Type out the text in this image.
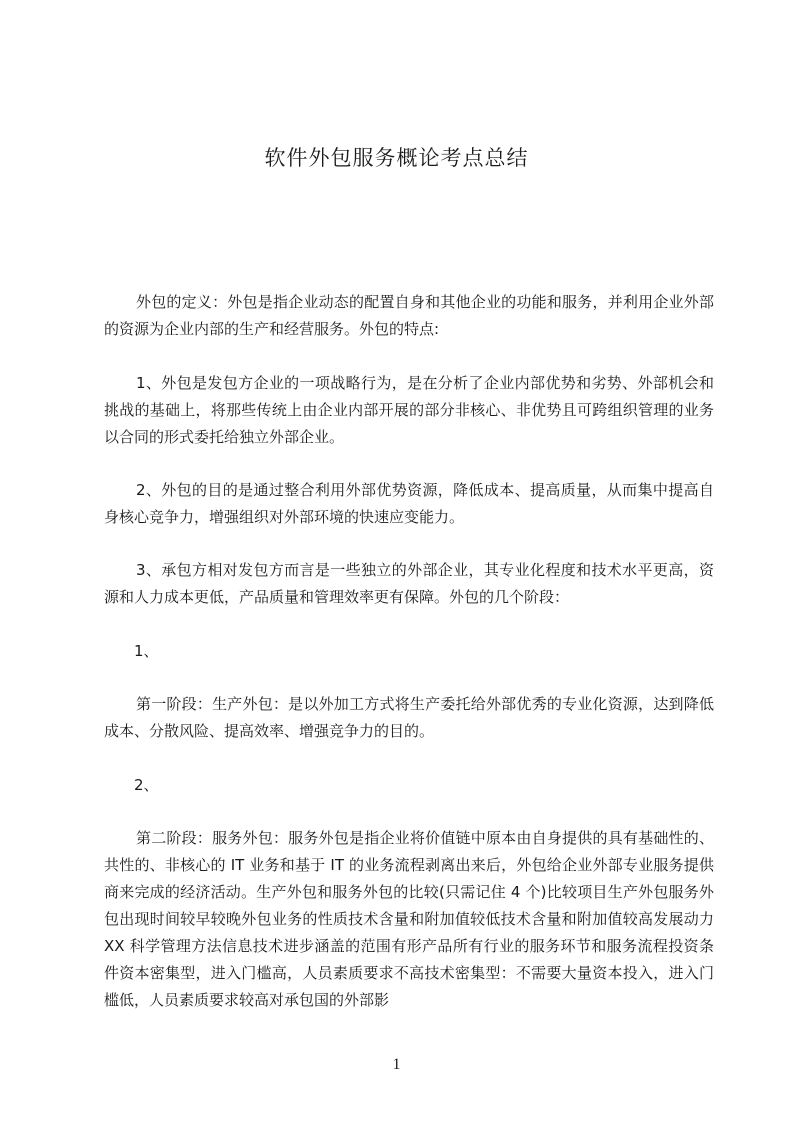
软件外包服务概论考点总结

外包的定义：外包是指企业动态的配置自身和其他企业的功能和服务，并利用企业外部的资源为企业内部的生产和经营服务。外包的特点:

1、外包是发包方企业的一项战略行为，是在分析了企业内部优势和劣势、外部机会和挑战的基础上，将那些传统上由企业内部开展的部分非核心、非优势且可跨组织管理的业务以合同的形式委托给独立外部企业。

2、外包的目的是通过整合利用外部优势资源，降低成本、提高质量，从而集中提高自身核心竞争力，增强组织对外部环境的快速应变能力。

3、承包方相对发包方而言是一些独立的外部企业，其专业化程度和技术水平更高，资源和人力成本更低，产品质量和管理效率更有保障。外包的几个阶段：

1、

第一阶段：生产外包：是以外加工方式将生产委托给外部优秀的专业化资源，达到降低成本、分散风险、提高效率、增强竞争力的目的。

2、

第二阶段：服务外包：服务外包是指企业将价值链中原本由自身提供的具有基础性的、共性的、非核心的 IT 业务和基于 IT 的业务流程剥离出来后，外包给企业外部专业服务提供商来完成的经济活动。生产外包和服务外包的比较(只需记住 4 个)比较项目生产外包服务外包出现时间较早较晚外包业务的性质技术含量和附加值较低技术含量和附加值较高发展动力 XX 科学管理方法信息技术进步涵盖的范围有形产品所有行业的服务环节和服务流程投资条件资本密集型，进入门槛高，人员素质要求不高技术密集型：不需要大量资本投入，进入门槛低，人员素质要求较高对承包国的外部影

1
